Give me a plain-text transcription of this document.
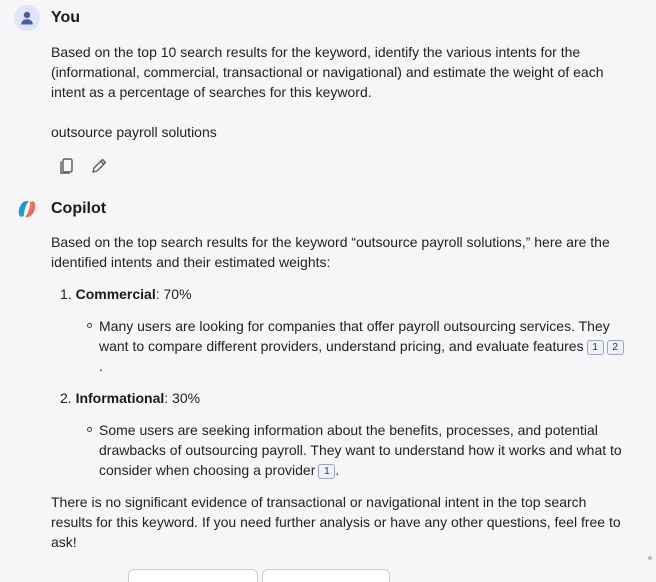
You
Based on the top 10 search results for the keyword, identify the various intents for the
(informational, commercial, transactional or navigational) and estimate the weight of each
intent as a percentage of searches for this keyword.
outsource payroll solutions
Copilot
Based on the top search results for the keyword “outsource payroll solutions,” here are the
identified intents and their estimated weights:
1. Commercial: 70%
Many users are looking for companies that offer payroll outsourcing services. They
want to compare different providers, understand pricing, and evaluate features 1 2
.
2. Informational: 30%
Some users are seeking information about the benefits, processes, and potential
drawbacks of outsourcing payroll. They want to understand how it works and what to
consider when choosing a provider 1 .
There is no significant evidence of transactional or navigational intent in the top search
results for this keyword. If you need further analysis or have any other questions, feel free to
ask!
